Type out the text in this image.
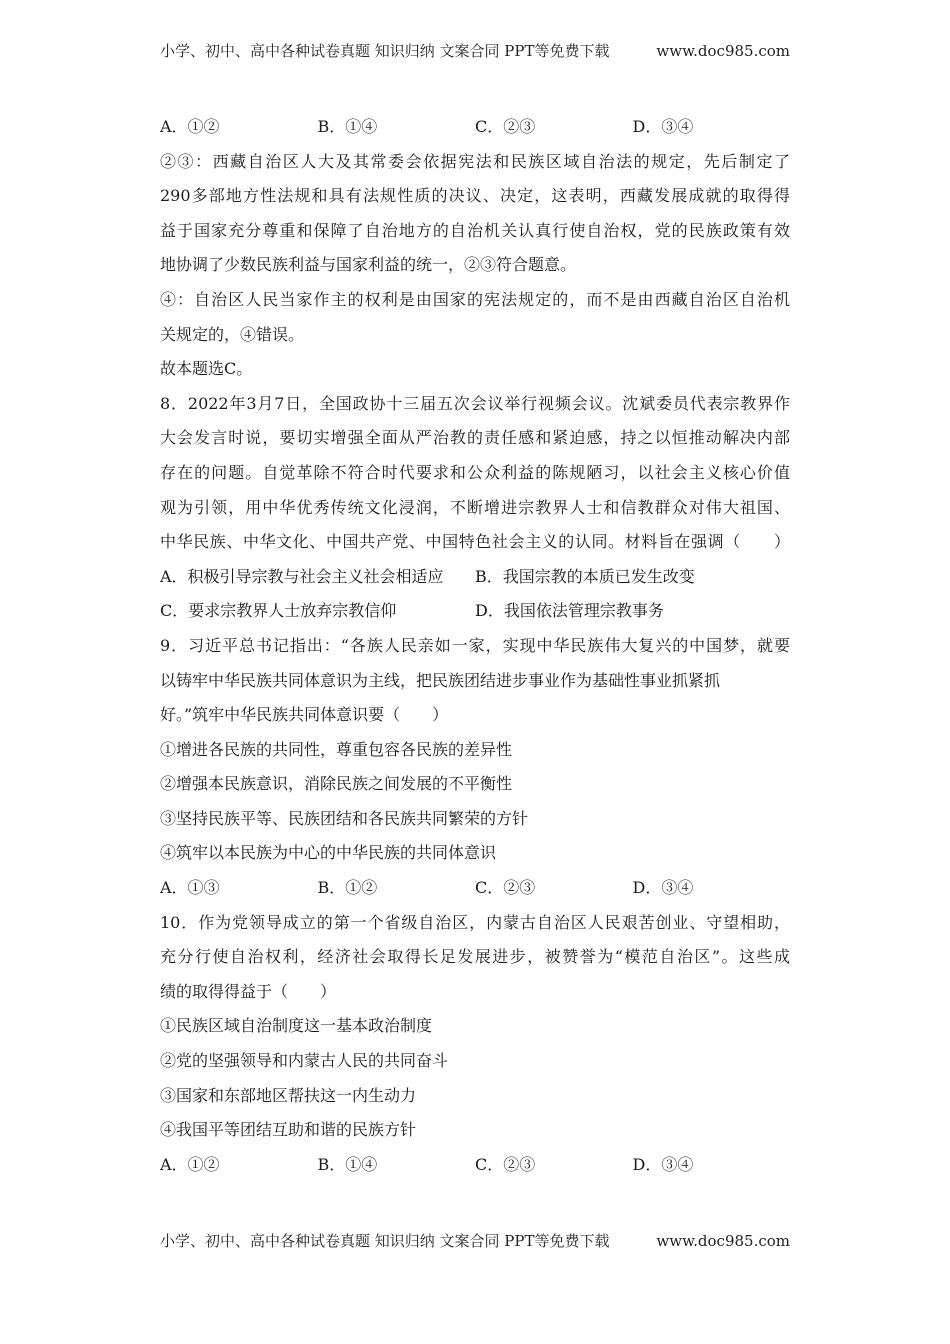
小学、初中、高中各种试卷真题 知识归纳 文案合同 PPT等免费下载	www.doc985.com
A．①②	B．①④	C．②③	D．③④
②③：西藏自治区人大及其常委会依据宪法和民族区域自治法的规定，先后制定了
290多部地方性法规和具有法规性质的决议、决定，这表明，西藏发展成就的取得得
益于国家充分尊重和保障了自治地方的自治机关认真行使自治权，党的民族政策有效
地协调了少数民族利益与国家利益的统一，②③符合题意。
④：自治区人民当家作主的权利是由国家的宪法规定的，而不是由西藏自治区自治机
关规定的，④错误。
故本题选C。
8．2022年3月7日，全国政协十三届五次会议举行视频会议。沈斌委员代表宗教界作
大会发言时说，要切实增强全面从严治教的责任感和紧迫感，持之以恒推动解决内部
存在的问题。自觉革除不符合时代要求和公众利益的陈规陋习，以社会主义核心价值
观为引领，用中华优秀传统文化浸润，不断增进宗教界人士和信教群众对伟大祖国、
中华民族、中华文化、中国共产党、中国特色社会主义的认同。材料旨在强调（　　）
A．积极引导宗教与社会主义社会相适应	B．我国宗教的本质已发生改变
C．要求宗教界人士放弃宗教信仰	D．我国依法管理宗教事务
9．习近平总书记指出：“各族人民亲如一家，实现中华民族伟大复兴的中国梦，就要
以铸牢中华民族共同体意识为主线，把民族团结进步事业作为基础性事业抓紧抓
好。”筑牢中华民族共同体意识要（　　）
①增进各民族的共同性，尊重包容各民族的差异性
②增强本民族意识，消除民族之间发展的不平衡性
③坚持民族平等、民族团结和各民族共同繁荣的方针
④筑牢以本民族为中心的中华民族的共同体意识
A．①③	B．①②	C．②③	D．③④
10．作为党领导成立的第一个省级自治区，内蒙古自治区人民艰苦创业、守望相助，
充分行使自治权利，经济社会取得长足发展进步，被赞誉为“模范自治区”。这些成
绩的取得得益于（　　）
①民族区域自治制度这一基本政治制度
②党的坚强领导和内蒙古人民的共同奋斗
③国家和东部地区帮扶这一内生动力
④我国平等团结互助和谐的民族方针
A．①②	B．①④	C．②③	D．③④
小学、初中、高中各种试卷真题 知识归纳 文案合同 PPT等免费下载	www.doc985.com
